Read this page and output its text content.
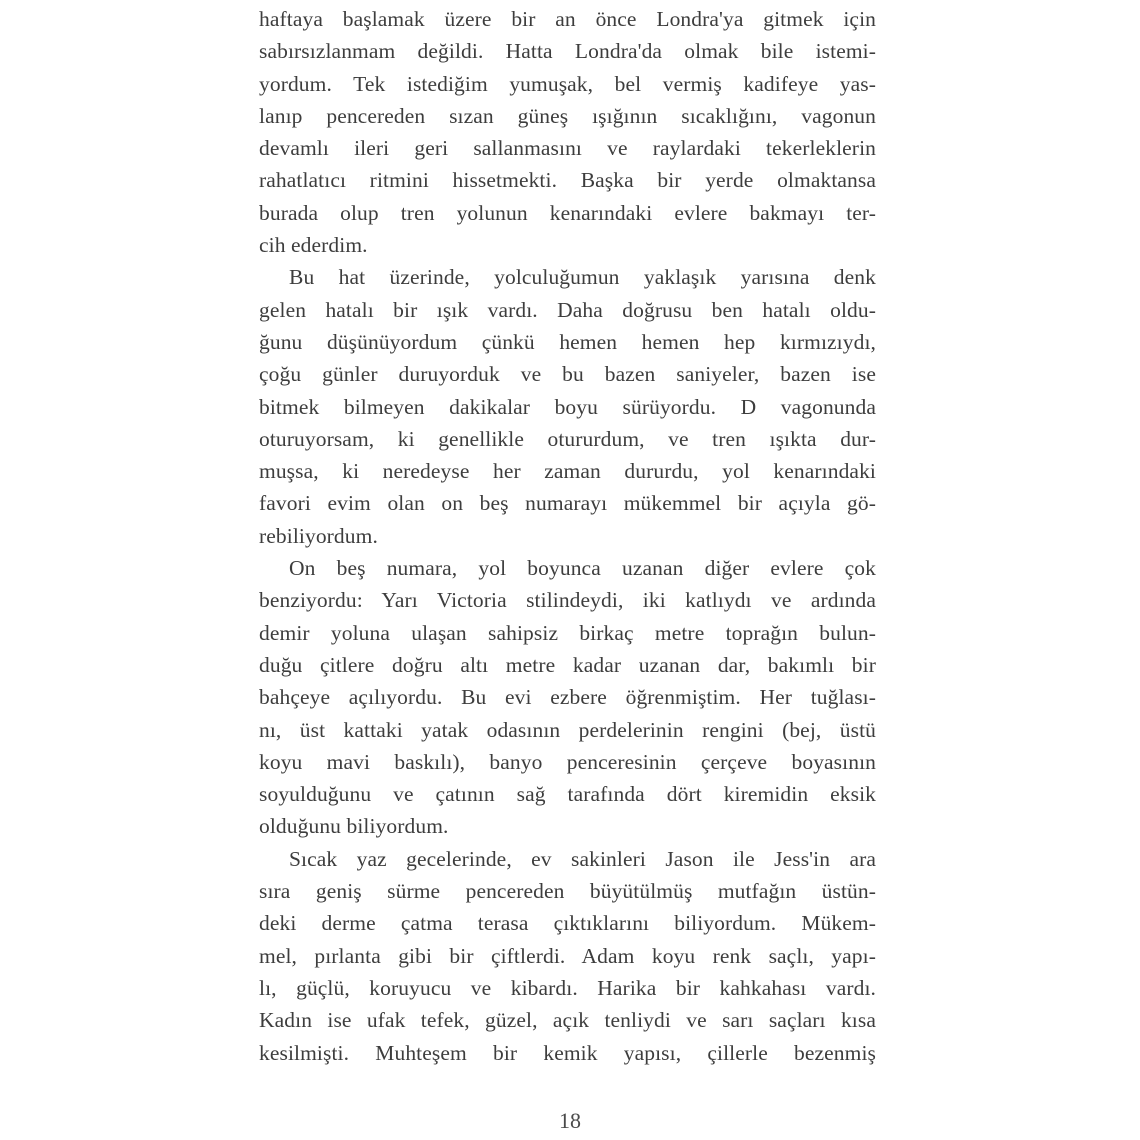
haftaya başlamak üzere bir an önce Londra'ya gitmek için
sabırsızlanmam değildi. Hatta Londra'da olmak bile istemi-
yordum. Tek istediğim yumuşak, bel vermiş kadifeye yas-
lanıp pencereden sızan güneş ışığının sıcaklığını, vagonun
devamlı ileri geri sallanmasını ve raylardaki tekerleklerin
rahatlatıcı ritmini hissetmekti. Başka bir yerde olmaktansa
burada olup tren yolunun kenarındaki evlere bakmayı ter-
cih ederdim.
Bu hat üzerinde, yolculuğumun yaklaşık yarısına denk
gelen hatalı bir ışık vardı. Daha doğrusu ben hatalı oldu-
ğunu düşünüyordum çünkü hemen hemen hep kırmızıydı,
çoğu günler duruyorduk ve bu bazen saniyeler, bazen ise
bitmek bilmeyen dakikalar boyu sürüyordu. D vagonunda
oturuyorsam, ki genellikle otururdum, ve tren ışıkta dur-
muşsa, ki neredeyse her zaman dururdu, yol kenarındaki
favori evim olan on beş numarayı mükemmel bir açıyla gö-
rebiliyordum.
On beş numara, yol boyunca uzanan diğer evlere çok
benziyordu: Yarı Victoria stilindeydi, iki katlıydı ve ardında
demir yoluna ulaşan sahipsiz birkaç metre toprağın bulun-
duğu çitlere doğru altı metre kadar uzanan dar, bakımlı bir
bahçeye açılıyordu. Bu evi ezbere öğrenmiştim. Her tuğlası-
nı, üst kattaki yatak odasının perdelerinin rengini (bej, üstü
koyu mavi baskılı), banyo penceresinin çerçeve boyasının
soyulduğunu ve çatının sağ tarafında dört kiremidin eksik
olduğunu biliyordum.
Sıcak yaz gecelerinde, ev sakinleri Jason ile Jess'in ara
sıra geniş sürme pencereden büyütülmüş mutfağın üstün-
deki derme çatma terasa çıktıklarını biliyordum. Mükem-
mel, pırlanta gibi bir çiftlerdi. Adam koyu renk saçlı, yapı-
lı, güçlü, koruyucu ve kibardı. Harika bir kahkahası vardı.
Kadın ise ufak tefek, güzel, açık tenliydi ve sarı saçları kısa
kesilmişti. Muhteşem bir kemik yapısı, çillerle bezenmiş
18
